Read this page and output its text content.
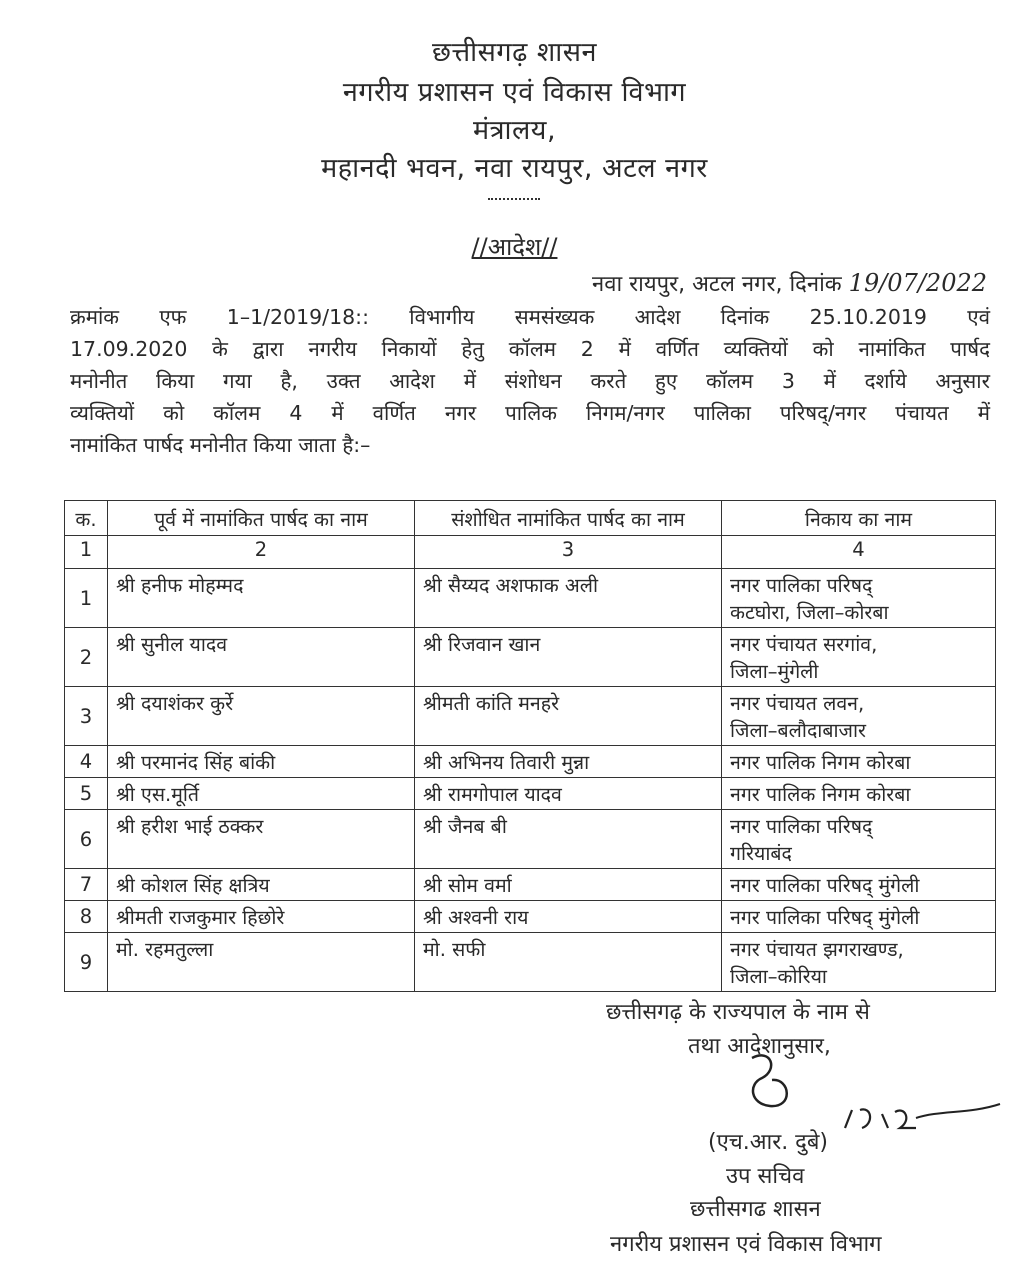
छत्तीसगढ़ शासन
नगरीय प्रशासन एवं विकास विभाग
मंत्रालय,
महानदी भवन, नवा रायपुर, अटल नगर
//आदेश//
नवा रायपुर, अटल नगर, दिनांक 19/07/2022
क्रमांक एफ 1–1/2019/18:: विभागीय समसंख्यक आदेश दिनांक 25.10.2019 एवं
17.09.2020 के द्वारा नगरीय निकायों हेतु कॉलम 2 में वर्णित व्यक्तियों को नामांकित पार्षद
मनोनीत किया गया है, उक्त आदेश में संशोधन करते हुए कॉलम 3 में दर्शाये अनुसार
व्यक्तियों को कॉलम 4 में वर्णित नगर पालिक निगम/नगर पालिका परिषद्/नगर पंचायत में
नामांकित पार्षद मनोनीत किया जाता है:–
क.	पूर्व में नामांकित पार्षद का नाम	संशोधित नामांकित पार्षद का नाम	निकाय का नाम
1	2	3	4

1	श्री हनीफ मोहम्मद	श्री सैय्यद अशफाक अली	नगर पालिका परिषद्
कटघोरा, जिला–कोरबा

2	श्री सुनील यादव	श्री रिजवान खान	नगर पंचायत सरगांव,
जिला–मुंगेली

3	श्री दयाशंकर कुर्रे	श्रीमती कांति मनहरे	नगर पंचायत लवन,
जिला–बलौदाबाजार

4	श्री परमानंद सिंह बांकी	श्री अभिनय तिवारी मुन्ना	नगर पालिक निगम कोरबा

5	श्री एस.मूर्ति	श्री रामगोपाल यादव	नगर पालिक निगम कोरबा

6	श्री हरीश भाई ठक्कर	श्री जैनब बी	नगर पालिका परिषद्
गरियाबंद

7	श्री कोशल सिंह क्षत्रिय	श्री सोम वर्मा	नगर पालिका परिषद् मुंगेली

8	श्रीमती राजकुमार हिछोरे	श्री अश्वनी राय	नगर पालिका परिषद् मुंगेली

9	मो. रहमतुल्ला	मो. सफी	नगर पंचायत झगराखण्ड,
जिला–कोरिया
छत्तीसगढ़ के राज्यपाल के नाम से
तथा आदेशानुसार,
(एच.आर. दुबे)
उप सचिव
छत्तीसगढ शासन
नगरीय प्रशासन एवं विकास विभाग
